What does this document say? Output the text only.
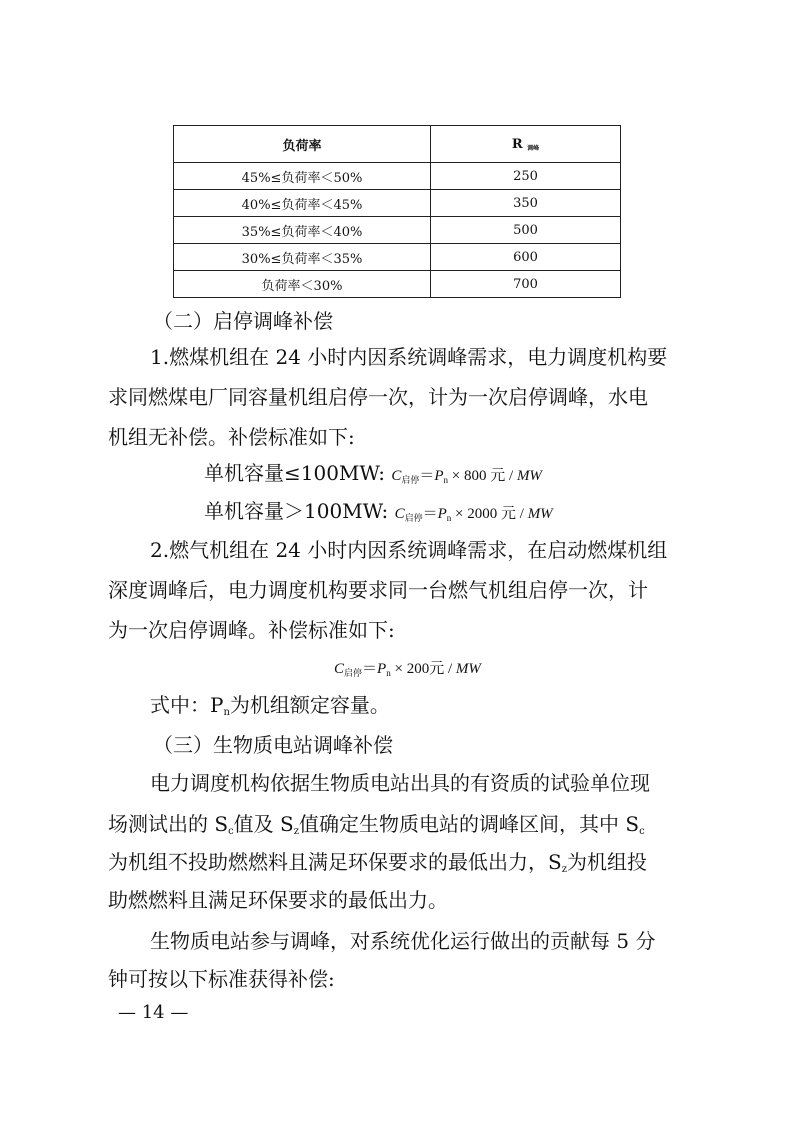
负荷率	R 调峰
45%≤负荷率＜50%	250
40%≤负荷率＜45%	350
35%≤负荷率＜40%	500
30%≤负荷率＜35%	600
负荷率＜30%	700
（二）启停调峰补偿
1.燃煤机组在 24 小时内因系统调峰需求，电力调度机构要
求同燃煤电厂同容量机组启停一次，计为一次启停调峰，水电
机组无补偿。补偿标准如下:
单机容量≤100MW: $C_{启停}=P_n \times 800$ 元 / MW
单机容量＞100MW: $C_{启停}=P_n \times 2000$ 元 / MW
2.燃气机组在 24 小时内因系统调峰需求，在启动燃煤机组
深度调峰后，电力调度机构要求同一台燃气机组启停一次，计
为一次启停调峰。补偿标准如下:
$C_{启停}=P_n \times 200$元 / MW
式中：$P_n$为机组额定容量。
（三）生物质电站调峰补偿
电力调度机构依据生物质电站出具的有资质的试验单位现
场测试出的 $S_c$值及 $S_z$值确定生物质电站的调峰区间，其中 $S_c$
为机组不投助燃燃料且满足环保要求的最低出力，$S_z$为机组投
助燃燃料且满足环保要求的最低出力。
生物质电站参与调峰，对系统优化运行做出的贡献每 5 分
钟可按以下标准获得补偿:
— 14 —
